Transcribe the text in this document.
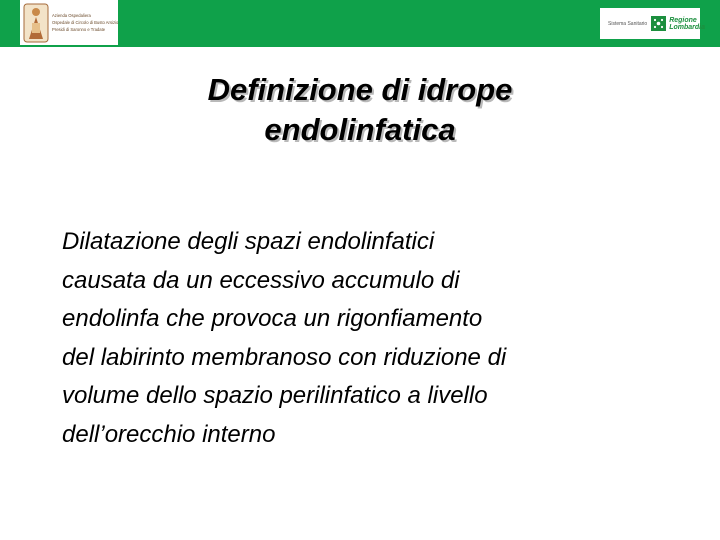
Azienda Ospedaliera
Ospedale di Circolo di Busto Arsizio
Presidi di Saronno e Tradate
Sistema Sanitario	Regione
Lombardia
Definizione di idrope
endolinfatica

Dilatazione degli spazi endolinfatici
causata da un eccessivo accumulo di
endolinfa che provoca un rigonfiamento
del labirinto membranoso con riduzione di
volume dello spazio perilinfatico a livello
dell’orecchio interno
